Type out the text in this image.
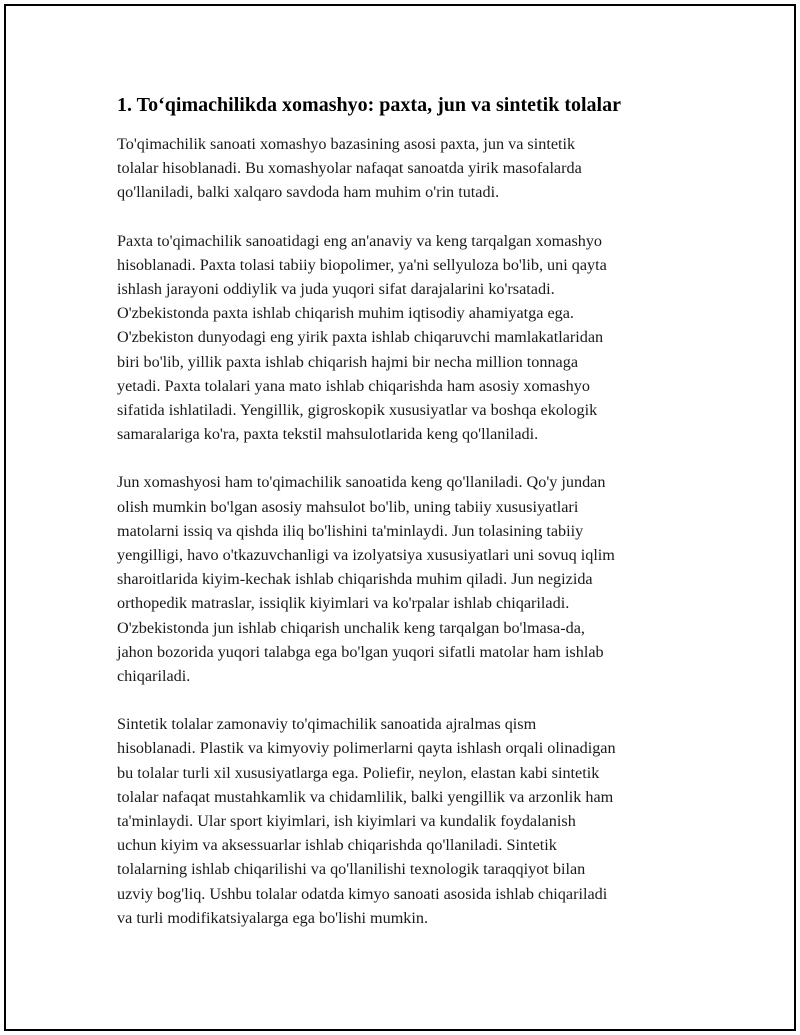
1. To‘qimachilikda xomashyo: paxta, jun va sintetik tolalar

To'qimachilik sanoati xomashyo bazasining asosi paxta, jun va sintetik
tolalar hisoblanadi. Bu xomashyolar nafaqat sanoatda yirik masofalarda
qo'llaniladi, balki xalqaro savdoda ham muhim o'rin tutadi.

Paxta to'qimachilik sanoatidagi eng an'anaviy va keng tarqalgan xomashyo
hisoblanadi. Paxta tolasi tabiiy biopolimer, ya'ni sellyuloza bo'lib, uni qayta
ishlash jarayoni oddiylik va juda yuqori sifat darajalarini ko'rsatadi.
O'zbekistonda paxta ishlab chiqarish muhim iqtisodiy ahamiyatga ega.
O'zbekiston dunyodagi eng yirik paxta ishlab chiqaruvchi mamlakatlaridan
biri bo'lib, yillik paxta ishlab chiqarish hajmi bir necha million tonnaga
yetadi. Paxta tolalari yana mato ishlab chiqarishda ham asosiy xomashyo
sifatida ishlatiladi. Yengillik, gigroskopik xususiyatlar va boshqa ekologik
samaralariga ko'ra, paxta tekstil mahsulotlarida keng qo'llaniladi.

Jun xomashyosi ham to'qimachilik sanoatida keng qo'llaniladi. Qo'y jundan
olish mumkin bo'lgan asosiy mahsulot bo'lib, uning tabiiy xususiyatlari
matolarni issiq va qishda iliq bo'lishini ta'minlaydi. Jun tolasining tabiiy
yengilligi, havo o'tkazuvchanligi va izolyatsiya xususiyatlari uni sovuq iqlim
sharoitlarida kiyim-kechak ishlab chiqarishda muhim qiladi. Jun negizida
orthopedik matraslar, issiqlik kiyimlari va ko'rpalar ishlab chiqariladi.
O'zbekistonda jun ishlab chiqarish unchalik keng tarqalgan bo'lmasa-da,
jahon bozorida yuqori talabga ega bo'lgan yuqori sifatli matolar ham ishlab
chiqariladi.

Sintetik tolalar zamonaviy to'qimachilik sanoatida ajralmas qism
hisoblanadi. Plastik va kimyoviy polimerlarni qayta ishlash orqali olinadigan
bu tolalar turli xil xususiyatlarga ega. Poliefir, neylon, elastan kabi sintetik
tolalar nafaqat mustahkamlik va chidamlilik, balki yengillik va arzonlik ham
ta'minlaydi. Ular sport kiyimlari, ish kiyimlari va kundalik foydalanish
uchun kiyim va aksessuarlar ishlab chiqarishda qo'llaniladi. Sintetik
tolalarning ishlab chiqarilishi va qo'llanilishi texnologik taraqqiyot bilan
uzviy bog'liq. Ushbu tolalar odatda kimyo sanoati asosida ishlab chiqariladi
va turli modifikatsiyalarga ega bo'lishi mumkin.
